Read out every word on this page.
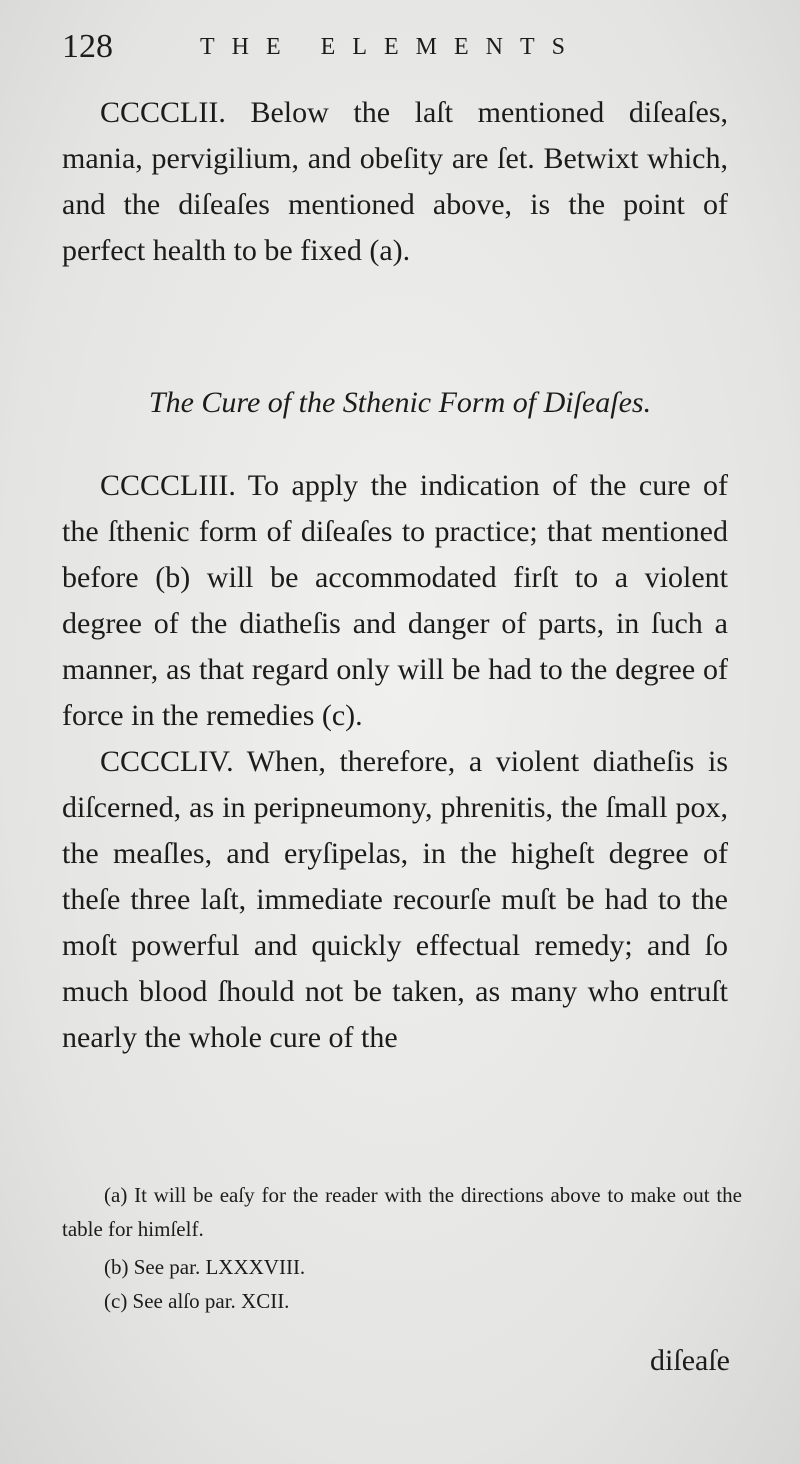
128	THE ELEMENTS

CCCCLII. Below the laſt mentioned diſeaſes, mania, pervigilium, and obeſity are ſet. Betwixt which, and the diſeaſes mentioned above, is the point of perfect health to be fixed (a).

The Cure of the Sthenic Form of Diſeaſes.

CCCCLIII. To apply the indication of the cure of the ſthenic form of diſeaſes to practice; that mentioned before (b) will be accommodated firſt to a violent degree of the diatheſis and danger of parts, in ſuch a manner, as that regard only will be had to the degree of force in the remedies (c).

CCCCLIV. When, therefore, a violent diatheſis is diſcerned, as in peripneumony, phrenitis, the ſmall pox, the meaſles, and eryſipelas, in the higheſt degree of theſe three laſt, immediate recourſe muſt be had to the moſt powerful and quickly effectual remedy; and ſo much blood ſhould not be taken, as many who entruſt nearly the whole cure of the

(a) It will be eaſy for the reader with the directions above to make out the table for himſelf.

(b) See par. LXXXVIII.

(c) See alſo par. XCII.

diſeaſe
